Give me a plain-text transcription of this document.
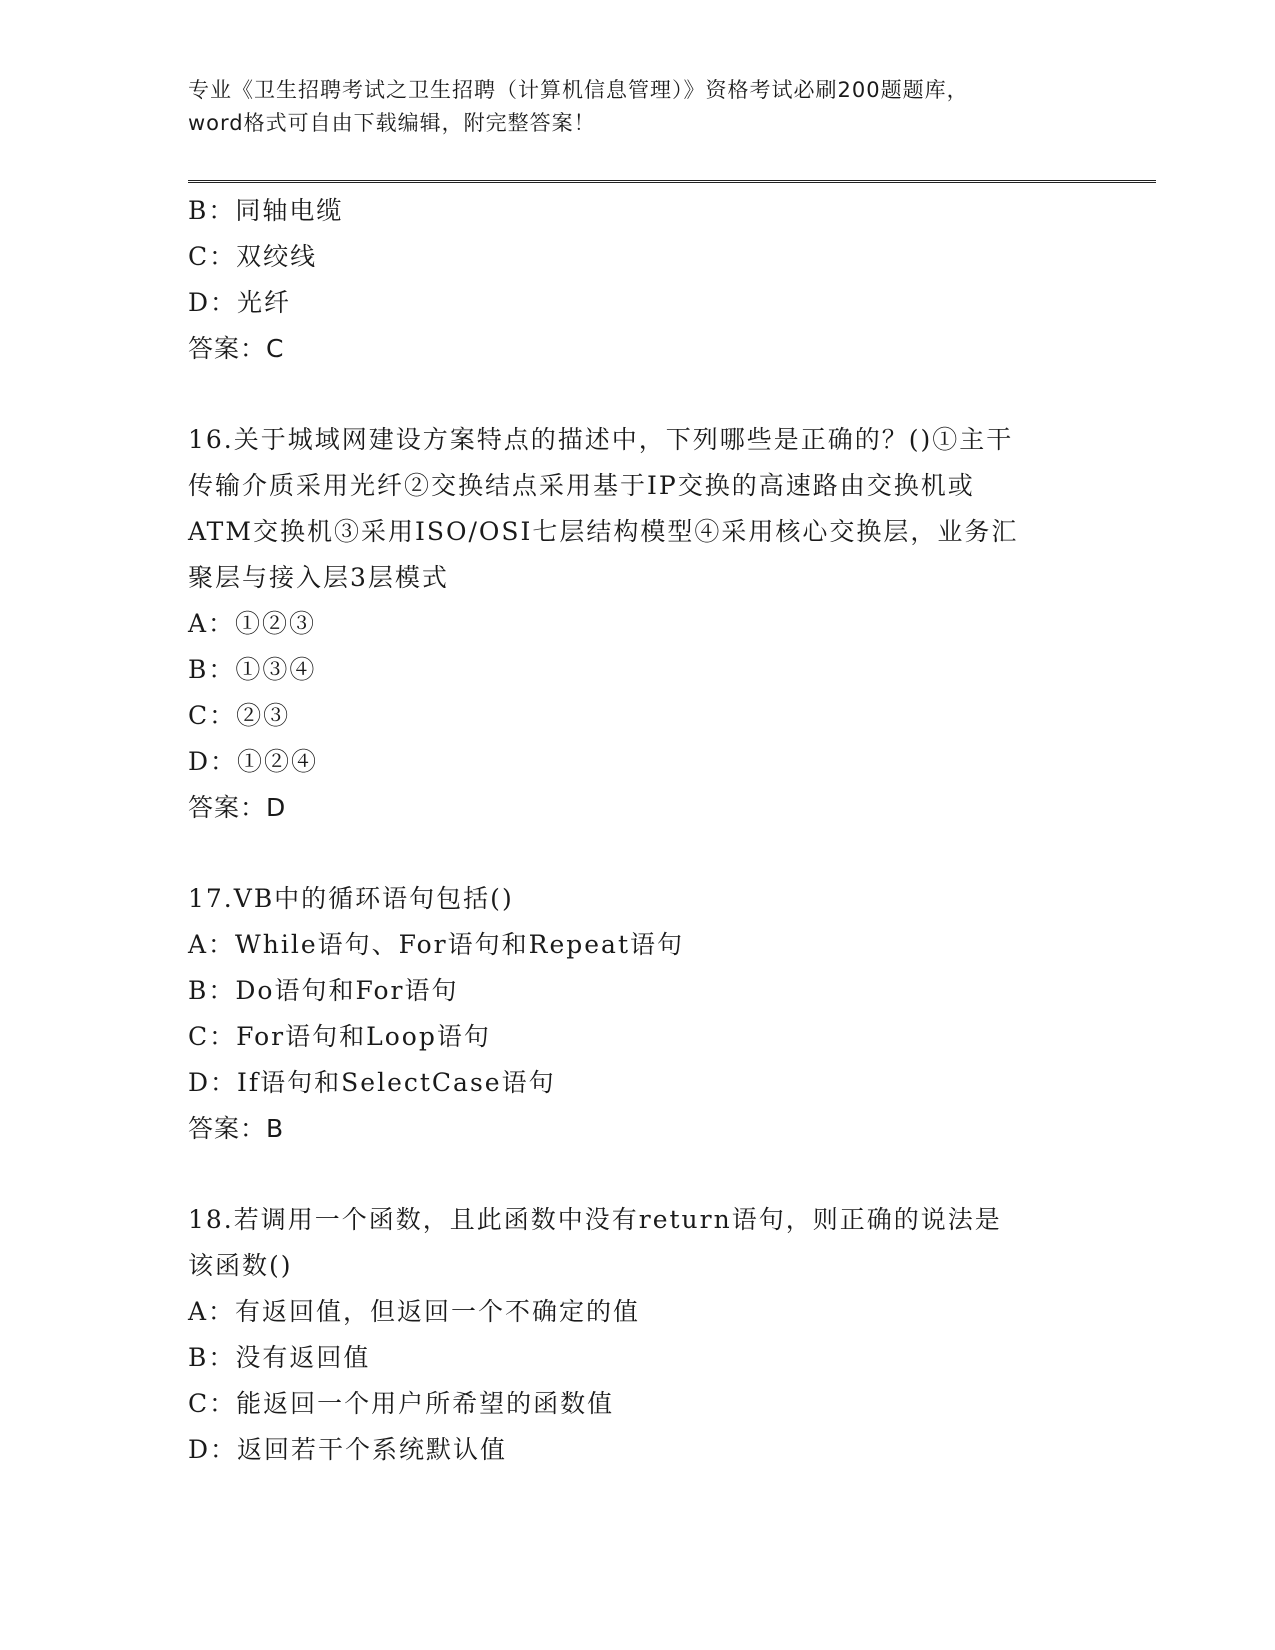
专业《卫生招聘考试之卫生招聘（计算机信息管理）》资格考试必刷200题题库，
word格式可自由下载编辑，附完整答案！

B：同轴电缆

C：双绞线

D：光纤

答案：C

16.关于城域网建设方案特点的描述中，下列哪些是正确的？()①主干

传输介质采用光纤②交换结点采用基于IP交换的高速路由交换机或

ATM交换机③采用ISO/OSI七层结构模型④采用核心交换层，业务汇

聚层与接入层3层模式

A：①②③

B：①③④

C：②③

D：①②④

答案：D

17.VB中的循环语句包括()

A：While语句、For语句和Repeat语句

B：Do语句和For语句

C：For语句和Loop语句

D：If语句和SelectCase语句

答案：B

18.若调用一个函数，且此函数中没有return语句，则正确的说法是

该函数()

A：有返回值，但返回一个不确定的值

B：没有返回值

C：能返回一个用户所希望的函数值

D：返回若干个系统默认值
